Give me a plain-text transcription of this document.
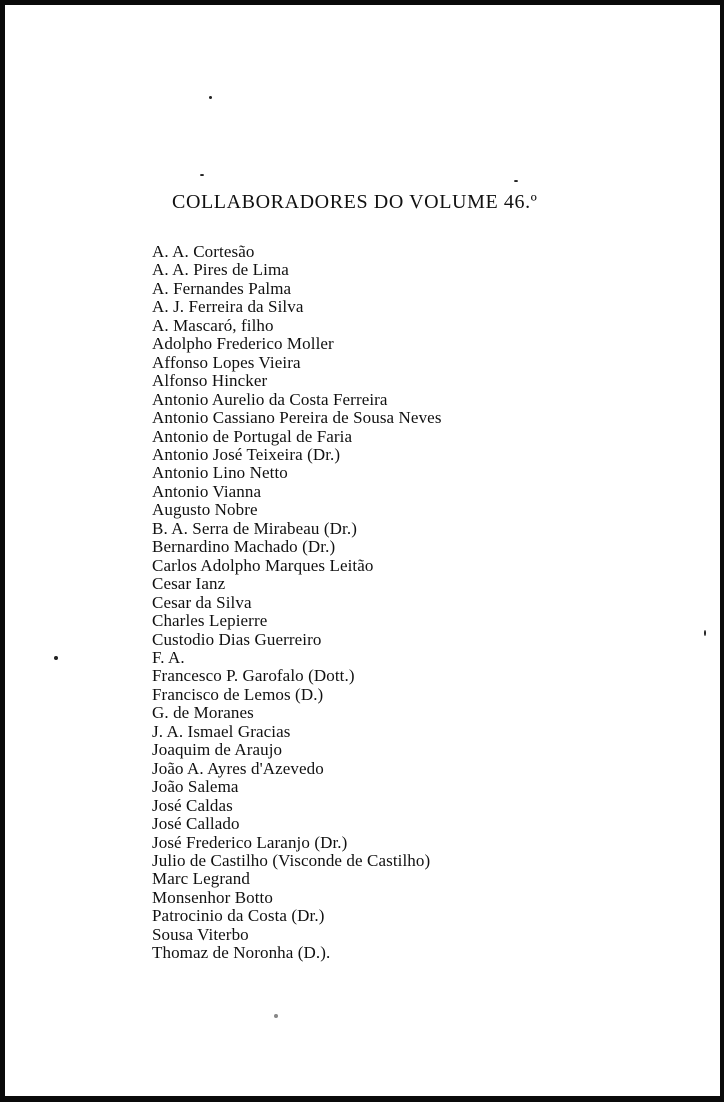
COLLABORADORES DO VOLUME 46.º
A. A. Cortesão
A. A. Pires de Lima
A. Fernandes Palma
A. J. Ferreira da Silva
A. Mascaró, filho
Adolpho Frederico Moller
Affonso Lopes Vieira
Alfonso Hincker
Antonio Aurelio da Costa Ferreira
Antonio Cassiano Pereira de Sousa Neves
Antonio de Portugal de Faria
Antonio José Teixeira (Dr.)
Antonio Lino Netto
Antonio Vianna
Augusto Nobre
B. A. Serra de Mirabeau (Dr.)
Bernardino Machado (Dr.)
Carlos Adolpho Marques Leitão
Cesar Ianz
Cesar da Silva
Charles Lepierre
Custodio Dias Guerreiro
F. A.
Francesco P. Garofalo (Dott.)
Francisco de Lemos (D.)
G. de Moranes
J. A. Ismael Gracias
Joaquim de Araujo
João A. Ayres d'Azevedo
João Salema
José Caldas
José Callado
José Frederico Laranjo (Dr.)
Julio de Castilho (Visconde de Castilho)
Marc Legrand
Monsenhor Botto
Patrocinio da Costa (Dr.)
Sousa Viterbo
Thomaz de Noronha (D.).
